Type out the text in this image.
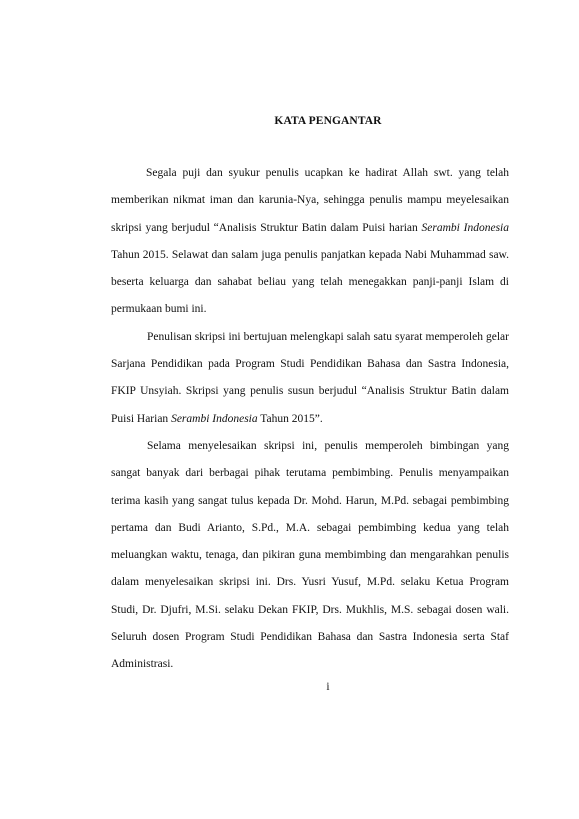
KATA PENGANTAR

Segala puji dan syukur penulis ucapkan ke hadirat Allah swt. yang telah memberikan nikmat iman dan karunia-Nya, sehingga penulis mampu meyelesaikan skripsi yang berjudul “Analisis Struktur Batin dalam Puisi harian Serambi Indonesia Tahun 2015. Selawat dan salam juga penulis panjatkan kepada Nabi Muhammad saw. beserta keluarga dan sahabat beliau yang telah menegakkan panji-panji Islam di permukaan bumi ini.

Penulisan skripsi ini bertujuan melengkapi salah satu syarat memperoleh gelar Sarjana Pendidikan pada Program Studi Pendidikan Bahasa dan Sastra Indonesia, FKIP Unsyiah. Skripsi yang penulis susun berjudul “Analisis Struktur Batin dalam Puisi Harian Serambi Indonesia Tahun 2015”.

Selama menyelesaikan skripsi ini, penulis memperoleh bimbingan yang sangat banyak dari berbagai pihak terutama pembimbing. Penulis menyampaikan terima kasih yang sangat tulus kepada Dr. Mohd. Harun, M.Pd. sebagai pembimbing pertama dan Budi Arianto, S.Pd., M.A. sebagai pembimbing kedua yang telah meluangkan waktu, tenaga, dan pikiran guna membimbing dan mengarahkan penulis dalam menyelesaikan skripsi ini. Drs. Yusri Yusuf, M.Pd. selaku Ketua Program Studi, Dr. Djufri, M.Si. selaku Dekan FKIP, Drs. Mukhlis, M.S. sebagai dosen wali. Seluruh dosen Program Studi Pendidikan Bahasa dan Sastra Indonesia serta Staf Administrasi.

i
